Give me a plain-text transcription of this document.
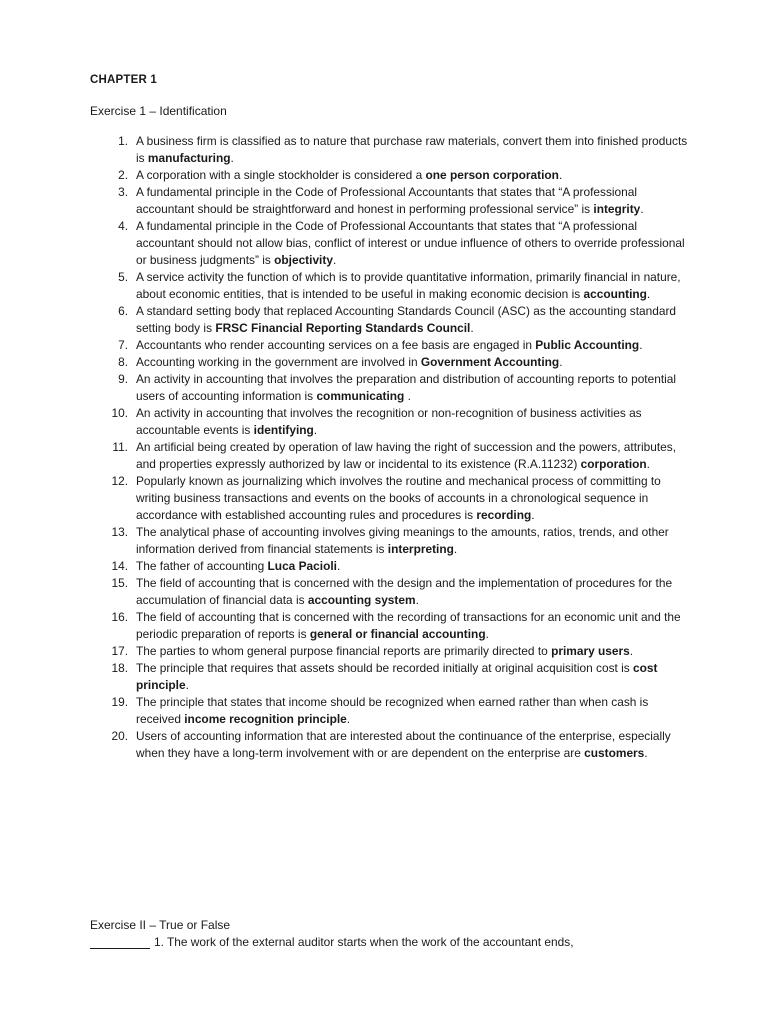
CHAPTER 1
Exercise 1 – Identification
1. A business firm is classified as to nature that purchase raw materials, convert them into finished products is manufacturing.
2. A corporation with a single stockholder is considered a one person corporation.
3. A fundamental principle in the Code of Professional Accountants that states that “A professional accountant should be straightforward and honest in performing professional service” is integrity.
4. A fundamental principle in the Code of Professional Accountants that states that “A professional accountant should not allow bias, conflict of interest or undue influence of others to override professional or business judgments” is objectivity.
5. A service activity the function of which is to provide quantitative information, primarily financial in nature, about economic entities, that is intended to be useful in making economic decision is accounting.
6. A standard setting body that replaced Accounting Standards Council (ASC) as the accounting standard setting body is FRSC Financial Reporting Standards Council.
7. Accountants who render accounting services on a fee basis are engaged in Public Accounting.
8. Accounting working in the government are involved in Government Accounting.
9. An activity in accounting that involves the preparation and distribution of accounting reports to potential users of accounting information is communicating .
10. An activity in accounting that involves the recognition or non-recognition of business activities as accountable events is identifying.
11. An artificial being created by operation of law having the right of succession and the powers, attributes, and properties expressly authorized by law or incidental to its existence (R.A.11232) corporation.
12. Popularly known as journalizing which involves the routine and mechanical process of committing to writing business transactions and events on the books of accounts in a chronological sequence in accordance with established accounting rules and procedures is recording.
13. The analytical phase of accounting involves giving meanings to the amounts, ratios, trends, and other information derived from financial statements is interpreting.
14. The father of accounting Luca Pacioli.
15. The field of accounting that is concerned with the design and the implementation of procedures for the accumulation of financial data is accounting system.
16. The field of accounting that is concerned with the recording of transactions for an economic unit and the periodic preparation of reports is general or financial accounting.
17. The parties to whom general purpose financial reports are primarily directed to primary users.
18. The principle that requires that assets should be recorded initially at original acquisition cost is cost principle.
19. The principle that states that income should be recognized when earned rather than when cash is received income recognition principle.
20. Users of accounting information that are interested about the continuance of the enterprise, especially when they have a long-term involvement with or are dependent on the enterprise are customers.
Exercise II – True or False
1. The work of the external auditor starts when the work of the accountant ends,
